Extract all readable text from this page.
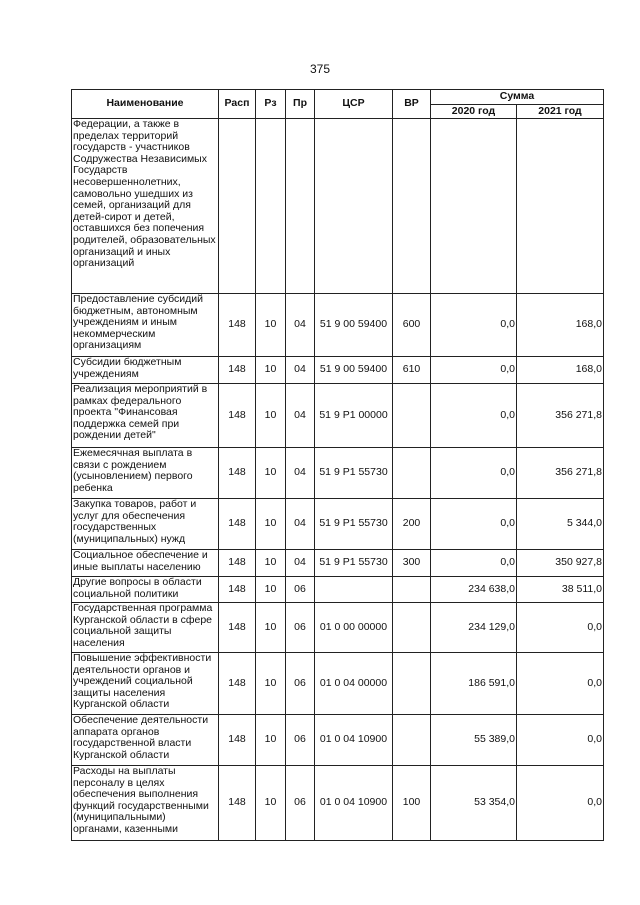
375
Наименование	Расп	Рз	Пр	ЦСР	ВР	Сумма	
						2020 год	2021 год
Федерации, а также в пределах территорий государств - участников Содружества Независимых Государств несовершеннолетних, самовольно ушедших из семей, организаций для детей-сирот и детей, оставшихся без попечения родителей, образовательных организаций и иных организаций							
Предоставление субсидий бюджетным, автономным учреждениям и иным некоммерческим организациям	148	10	04	51 9 00 59400	600	0,0	168,0
Субсидии бюджетным учреждениям	148	10	04	51 9 00 59400	610	0,0	168,0
Реализация мероприятий в рамках федерального проекта "Финансовая поддержка семей при рождении детей"	148	10	04	51 9 P1 00000		0,0	356 271,8
Ежемесячная выплата в связи с рождением (усыновлением) первого ребенка	148	10	04	51 9 P1 55730		0,0	356 271,8
Закупка товаров, работ и услуг для обеспечения государственных (муниципальных) нужд	148	10	04	51 9 P1 55730	200	0,0	5 344,0
Социальное обеспечение и иные выплаты населению	148	10	04	51 9 P1 55730	300	0,0	350 927,8
Другие вопросы в области социальной политики	148	10	06			234 638,0	38 511,0
Государственная программа Курганской области в сфере социальной защиты населения	148	10	06	01 0 00 00000		234 129,0	0,0
Повышение эффективности деятельности органов и учреждений социальной защиты населения Курганской области	148	10	06	01 0 04 00000		186 591,0	0,0
Обеспечение деятельности аппарата органов государственной власти Курганской области	148	10	06	01 0 04 10900		55 389,0	0,0
Расходы на выплаты персоналу в целях обеспечения выполнения функций государственными (муниципальными) органами, казенными	148	10	06	01 0 04 10900	100	53 354,0	0,0
